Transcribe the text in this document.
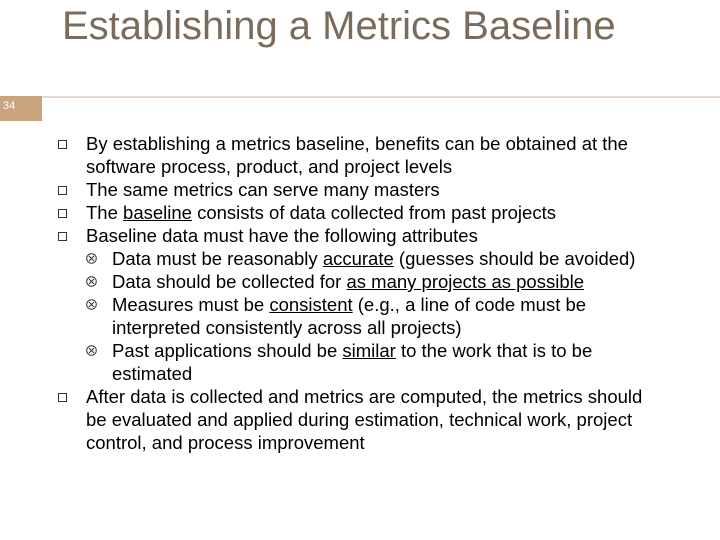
Establishing a Metrics Baseline
34
By establishing a metrics baseline, benefits can be obtained at the software process, product, and project levels
The same metrics can serve many masters
The baseline consists of data collected from past projects
Baseline data must have the following attributes
Data must be reasonably accurate (guesses should be avoided)
Data should be collected for as many projects as possible
Measures must be consistent (e.g., a line of code must be interpreted consistently across all projects)
Past applications should be similar to the work that is to be estimated
After data is collected and metrics are computed, the metrics should be evaluated and applied during estimation, technical work, project control, and process improvement
